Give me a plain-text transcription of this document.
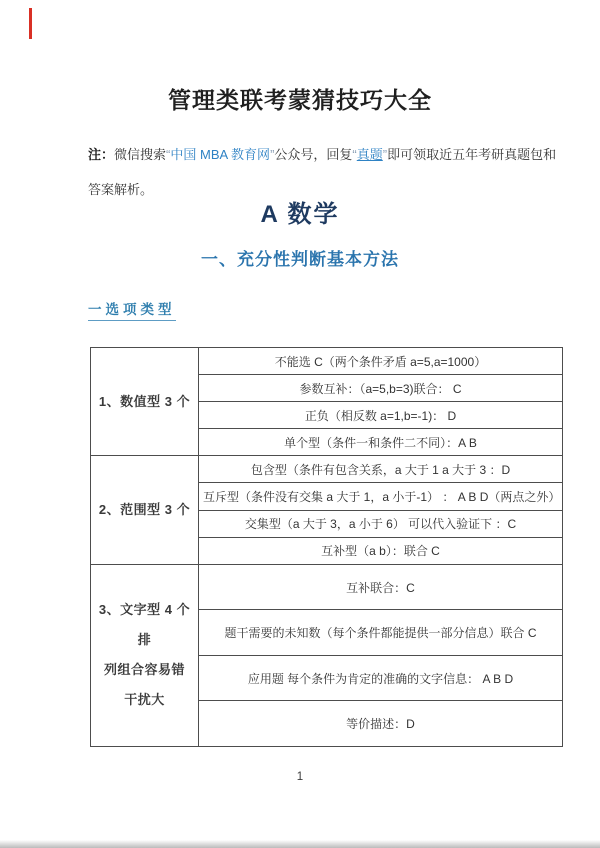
管理类联考蒙猜技巧大全

注：微信搜索“中国 MBA 教育网”公众号，回复“真题”即可领取近五年考研真题包和
答案解析。

A 数学
一、充分性判断基本方法
一选项类型
1、数值型 3 个	不能选 C（两个条件矛盾 a=5,a=1000）
	参数互补：（a=5,b=3)联合： C
	正负（相反数 a=1,b=-1)： D
	单个型（条件一和条件二不同）：A B

2、范围型 3 个	包含型（条件有包含关系，a 大于 1 a 大于 3 ：D
	互斥型（条件没有交集 a 大于 1，a 小于-1） ： A B D（两点之外）
	交集型（a 大于 3，a 小于 6） 可以代入验证下 ：C
	互补型（a b）：联合 C

3、文字型 4 个排
列组合容易错
干扰大	互补联合：C
	题干需要的未知数（每个条件都能提供一部分信息）联合 C
	应用题 每个条件为肯定的准确的文字信息： A B D
	等价描述：D
1
